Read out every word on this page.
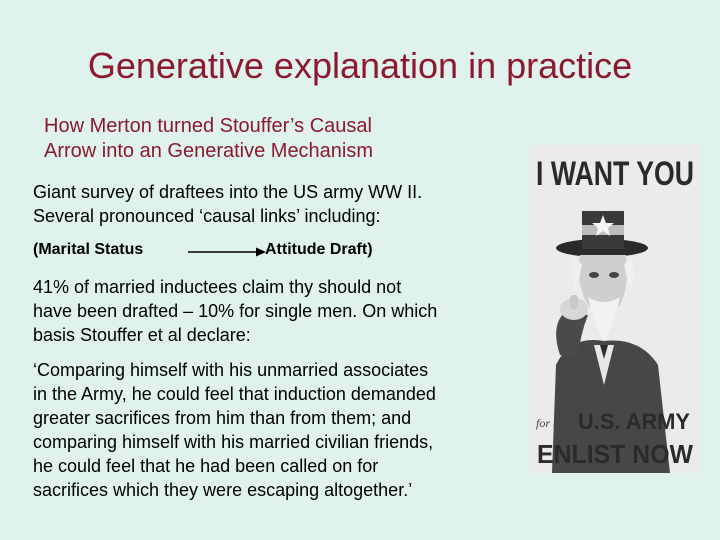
Generative explanation in practice
How Merton turned Stouffer’s Causal
Arrow into an Generative Mechanism
Giant survey of draftees into the US army WW II.
Several pronounced ‘causal links’ including:
(Marital Status	Attitude Draft)
41% of married inductees claim thy should not
have been drafted – 10% for single men. On which
basis Stouffer et al declare:
‘Comparing himself with his unmarried associates
in the Army, he could feel that induction demanded
greater sacrifices from him than from them; and
comparing himself with his married civilian friends,
he could feel that he had been called on for
sacrifices which they were escaping altogether.’
I WANT YOU
for the U.S. ARMY
ENLIST NOW
